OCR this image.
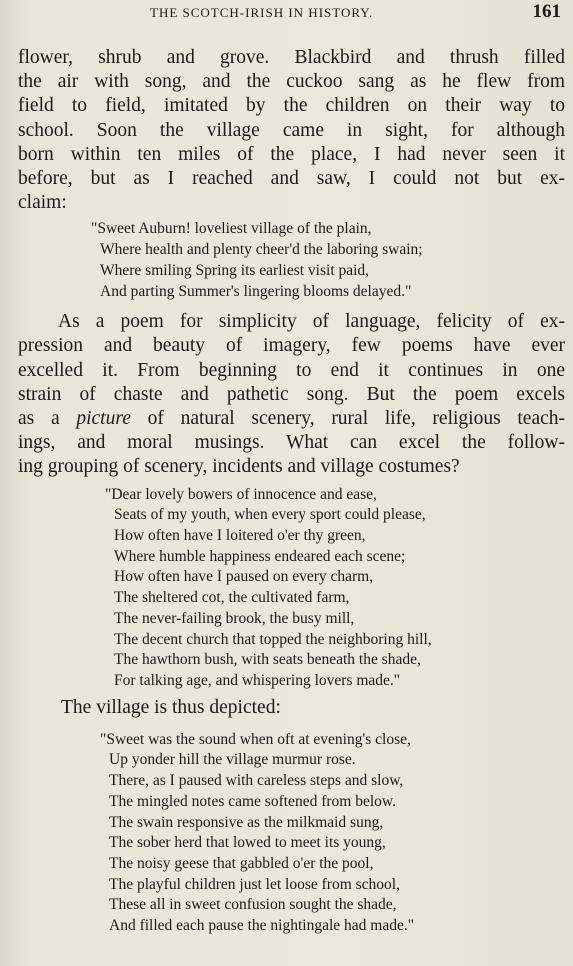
THE SCOTCH-IRISH IN HISTORY.	161
flower, shrub and grove. Blackbird and thrush filled
the air with song, and the cuckoo sang as he flew from
field to field, imitated by the children on their way to
school. Soon the village came in sight, for although
born within ten miles of the place, I had never seen it
before, but as I reached and saw, I could not but ex-
claim:
"Sweet Auburn! loveliest village of the plain,
Where health and plenty cheer'd the laboring swain;
Where smiling Spring its earliest visit paid,
And parting Summer's lingering blooms delayed."
As a poem for simplicity of language, felicity of ex-
pression and beauty of imagery, few poems have ever
excelled it. From beginning to end it continues in one
strain of chaste and pathetic song. But the poem excels
as a picture of natural scenery, rural life, religious teach-
ings, and moral musings. What can excel the follow-
ing grouping of scenery, incidents and village costumes?
"Dear lovely bowers of innocence and ease,
Seats of my youth, when every sport could please,
How often have I loitered o'er thy green,
Where humble happiness endeared each scene;
How often have I paused on every charm,
The sheltered cot, the cultivated farm,
The never-failing brook, the busy mill,
The decent church that topped the neighboring hill,
The hawthorn bush, with seats beneath the shade,
For talking age, and whispering lovers made."
The village is thus depicted:
"Sweet was the sound when oft at evening's close,
Up yonder hill the village murmur rose.
There, as I paused with careless steps and slow,
The mingled notes came softened from below.
The swain responsive as the milkmaid sung,
The sober herd that lowed to meet its young,
The noisy geese that gabbled o'er the pool,
The playful children just let loose from school,
These all in sweet confusion sought the shade,
And filled each pause the nightingale had made."
